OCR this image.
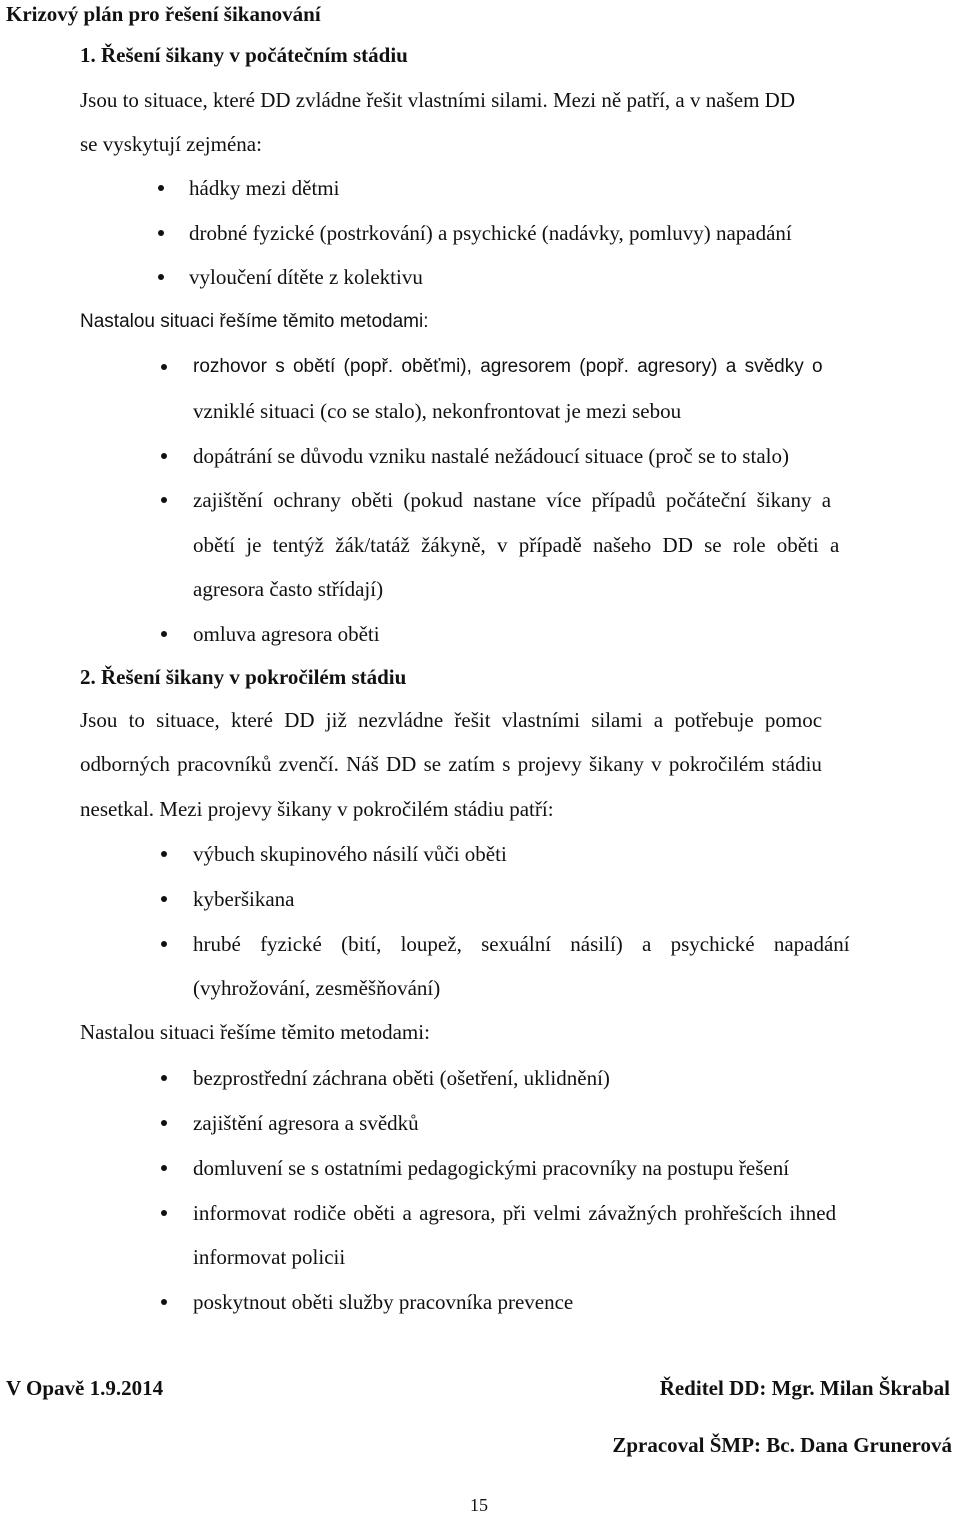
Krizový plán pro řešení šikanování
1. Řešení šikany v počátečním stádiu
Jsou to situace, které DD zvládne řešit vlastními silami. Mezi ně patří, a v našem DD
se vyskytují zejména:
hádky mezi dětmi
drobné fyzické (postrkování) a psychické (nadávky, pomluvy) napadání
vyloučení dítěte z kolektivu
Nastalou situaci řešíme těmito metodami:
rozhovor s obětí (popř. oběťmi), agresorem (popř. agresory) a svědky o
vzniklé situaci (co se stalo), nekonfrontovat je mezi sebou
dopátrání se důvodu vzniku nastalé nežádoucí situace (proč se to stalo)
zajištění ochrany oběti (pokud nastane více případů počáteční šikany a
obětí je tentýž žák/tatáž žákyně, v případě našeho DD se role oběti a
agresora často střídají)
omluva agresora oběti
2. Řešení šikany v pokročilém stádiu
Jsou to situace, které DD již nezvládne řešit vlastními silami a potřebuje pomoc
odborných pracovníků zvenčí. Náš DD se zatím s projevy šikany v pokročilém stádiu
nesetkal. Mezi projevy šikany v pokročilém stádiu patří:
výbuch skupinového násilí vůči oběti
kyberšikana
hrubé fyzické (bití, loupež, sexuální násilí) a psychické napadání
(vyhrožování, zesměšňování)
Nastalou situaci řešíme těmito metodami:
bezprostřední záchrana oběti (ošetření, uklidnění)
zajištění agresora a svědků
domluvení se s ostatními pedagogickými pracovníky na postupu řešení
informovat rodiče oběti a agresora, při velmi závažných prohřešcích ihned
informovat policii
poskytnout oběti služby pracovníka prevence
V Opavě 1.9.2014	Ředitel DD: Mgr. Milan Škrabal
Zpracoval ŠMP: Bc. Dana Grunerová
15
